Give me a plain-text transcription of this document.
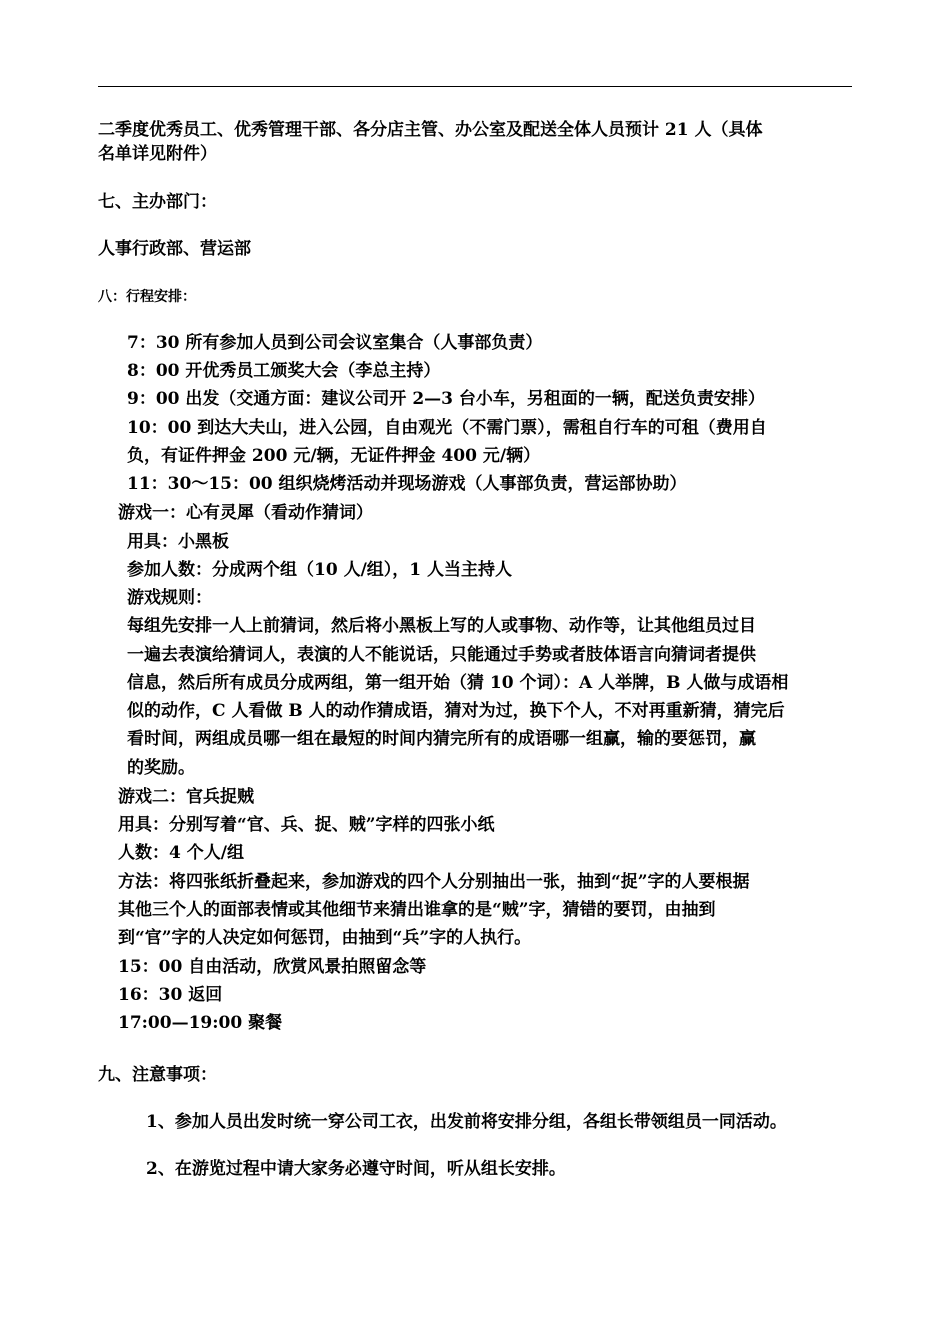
二季度优秀员工、优秀管理干部、各分店主管、办公室及配送全体人员预计 21 人（具体
名单详见附件）
七、主办部门：
人事行政部、营运部
八：行程安排：
7：30 所有参加人员到公司会议室集合（人事部负责）
8：00 开优秀员工颁奖大会（李总主持）
9：00 出发（交通方面：建议公司开 2—3 台小车，另租面的一辆，配送负责安排）
10：00 到达大夫山，进入公园，自由观光（不需门票），需租自行车的可租（费用自
负，有证件押金 200 元/辆，无证件押金 400 元/辆）
11：30～15：00 组织烧烤活动并现场游戏（人事部负责，营运部协助）
游戏一：心有灵犀（看动作猜词）
用具：小黑板
参加人数：分成两个组（10 人/组），1 人当主持人
游戏规则：
每组先安排一人上前猜词，然后将小黑板上写的人或事物、动作等，让其他组员过目
一遍去表演给猜词人，表演的人不能说话，只能通过手势或者肢体语言向猜词者提供
信息，然后所有成员分成两组，第一组开始（猜 10 个词）：A 人举牌，B 人做与成语相
似的动作，C 人看做 B 人的动作猜成语，猜对为过，换下个人，不对再重新猜，猜完后
看时间，两组成员哪一组在最短的时间内猜完所有的成语哪一组赢，输的要惩罚，赢
的奖励。
游戏二：官兵捉贼
用具：分别写着“官、兵、捉、贼”字样的四张小纸
人数：4 个人/组
方法：将四张纸折叠起来，参加游戏的四个人分别抽出一张，抽到“捉”字的人要根据
其他三个人的面部表情或其他细节来猜出谁拿的是“贼”字，猜错的要罚，由抽到
到“官”字的人决定如何惩罚，由抽到“兵”字的人执行。
15：00 自由活动，欣赏风景拍照留念等
16：30 返回
17:00—19:00 聚餐
九、注意事项：
1、参加人员出发时统一穿公司工衣，出发前将安排分组，各组长带领组员一同活动。
2、在游览过程中请大家务必遵守时间，听从组长安排。
